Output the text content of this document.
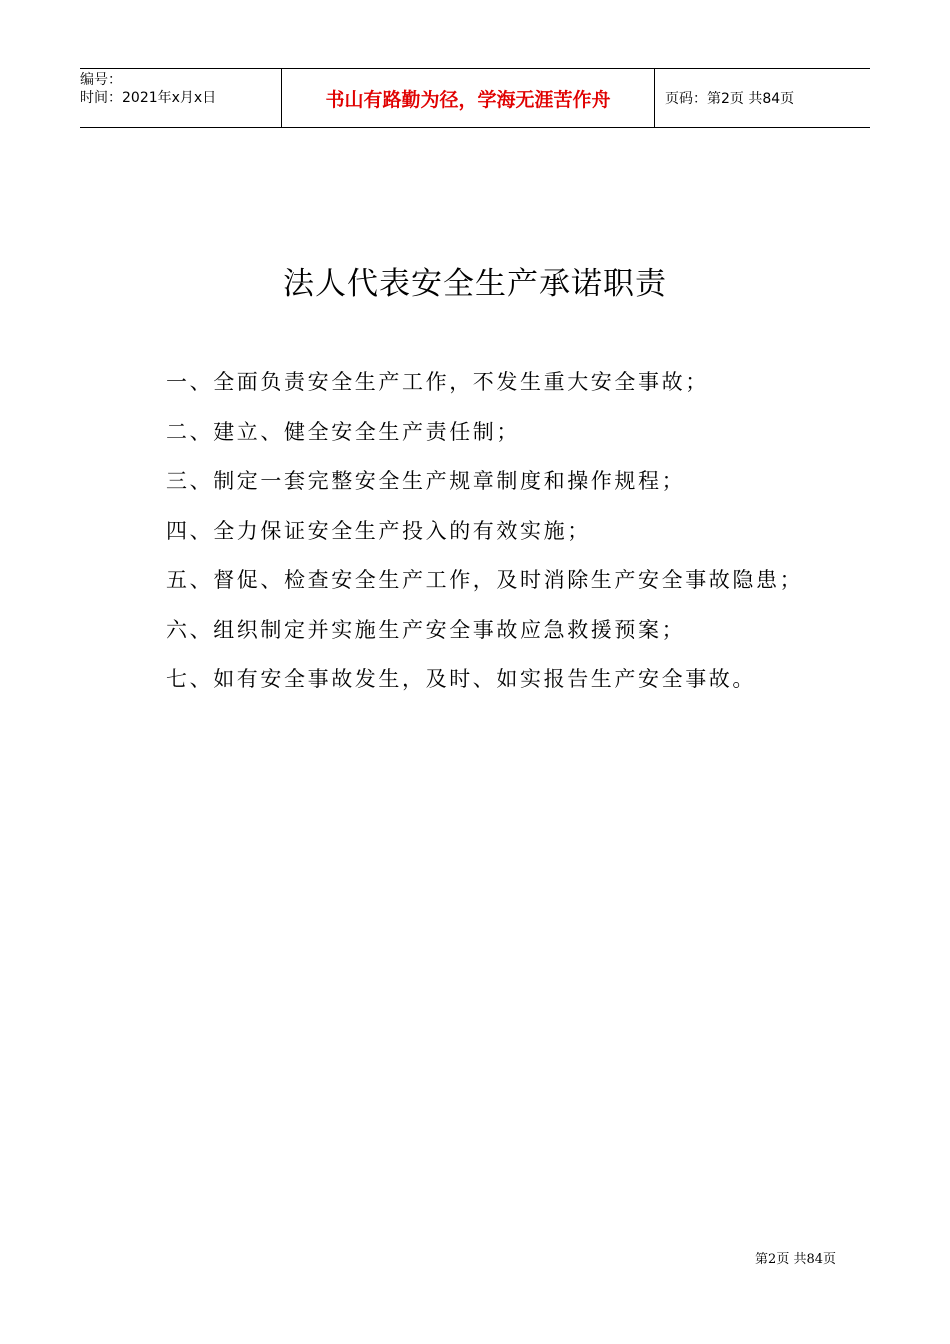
编号：
时间：2021年x月x日	书山有路勤为径，学海无涯苦作舟	页码：第2页 共84页
法人代表安全生产承诺职责
一、全面负责安全生产工作，不发生重大安全事故；
二、建立、健全安全生产责任制；
三、制定一套完整安全生产规章制度和操作规程；
四、全力保证安全生产投入的有效实施；
五、督促、检查安全生产工作，及时消除生产安全事故隐患；
六、组织制定并实施生产安全事故应急救援预案；
七、如有安全事故发生，及时、如实报告生产安全事故。
第2页 共84页
